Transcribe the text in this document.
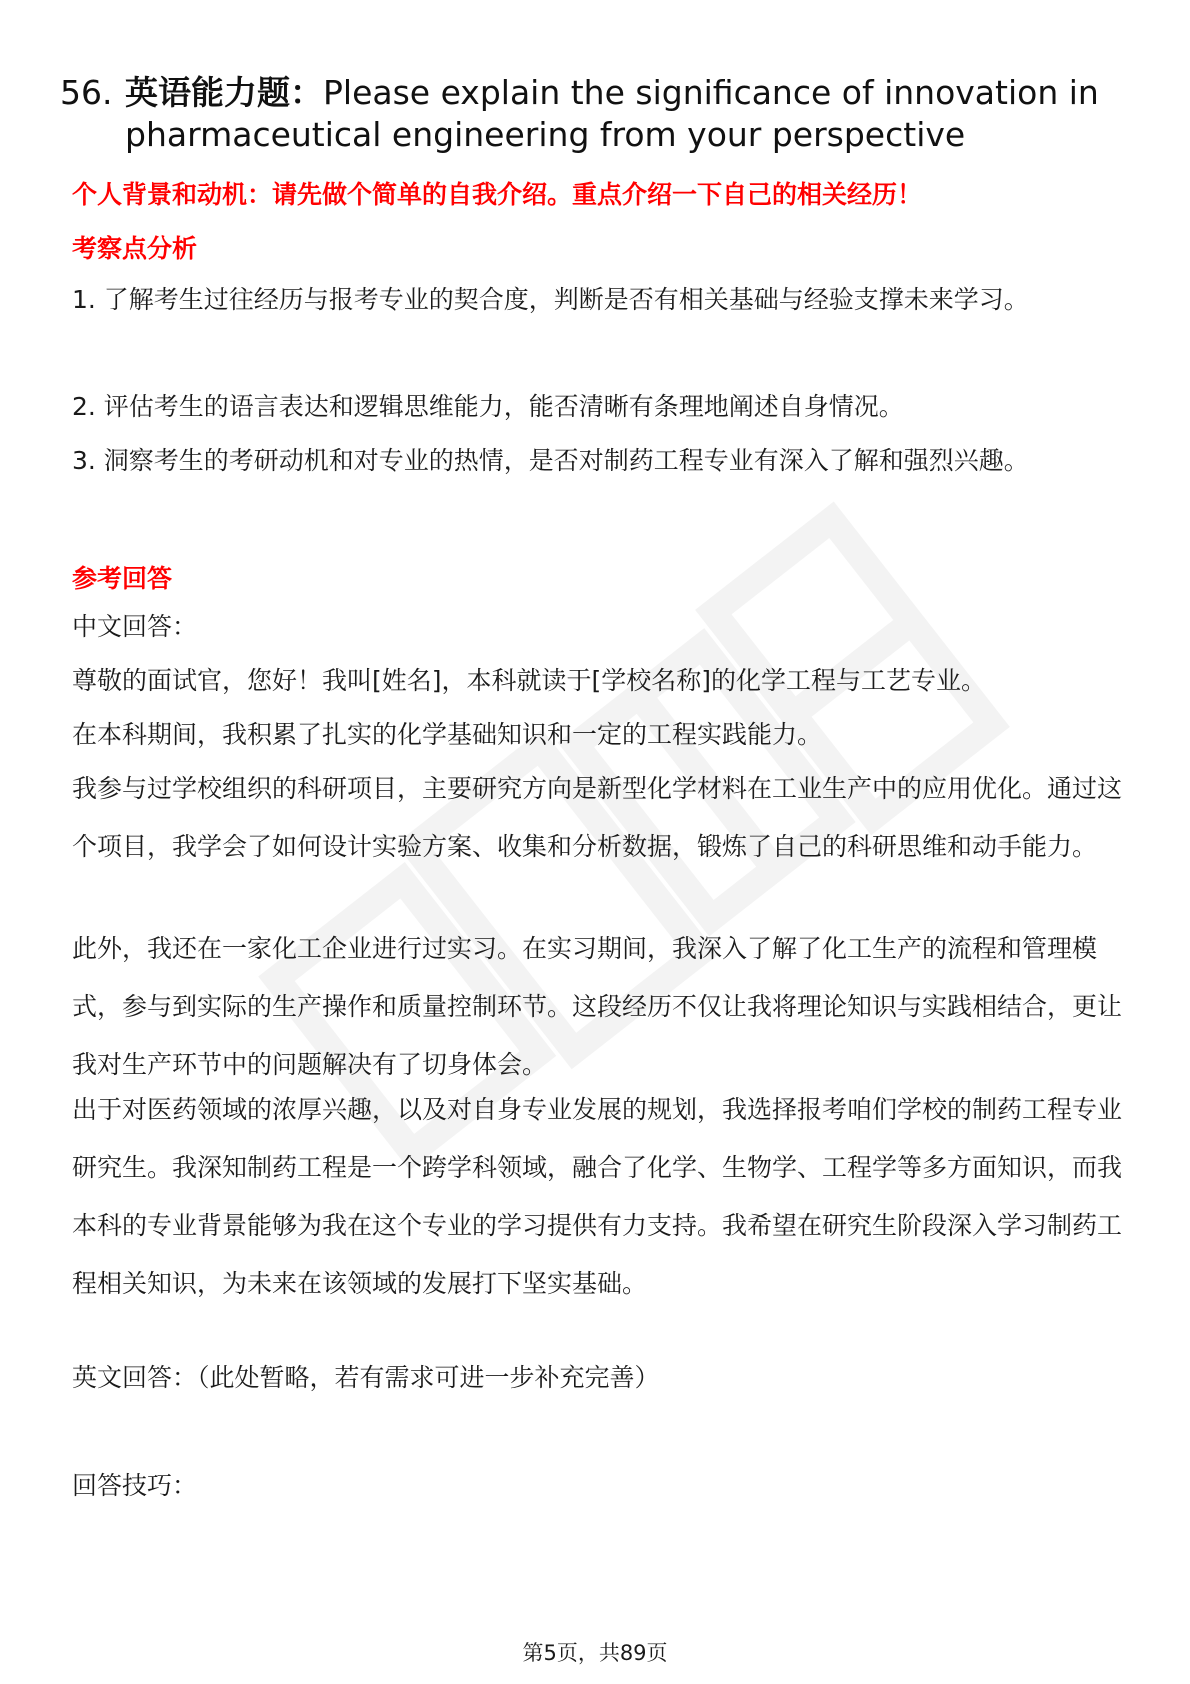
56. 英语能力题：Please explain the significance of innovation in pharmaceutical engineering from your perspective
个人背景和动机：请先做个简单的自我介绍。重点介绍一下自己的相关经历！
考察点分析
1. 了解考生过往经历与报考专业的契合度，判断是否有相关基础与经验支撑未来学习。
2. 评估考生的语言表达和逻辑思维能力，能否清晰有条理地阐述自身情况。
3. 洞察考生的考研动机和对专业的热情，是否对制药工程专业有深入了解和强烈兴趣。
参考回答
中文回答：
尊敬的面试官，您好！我叫[姓名]，本科就读于[学校名称]的化学工程与工艺专业。
在本科期间，我积累了扎实的化学基础知识和一定的工程实践能力。
我参与过学校组织的科研项目，主要研究方向是新型化学材料在工业生产中的应用优化。通过这个项目，我学会了如何设计实验方案、收集和分析数据，锻炼了自己的科研思维和动手能力。
此外，我还在一家化工企业进行过实习。在实习期间，我深入了解了化工生产的流程和管理模式，参与到实际的生产操作和质量控制环节。这段经历不仅让我将理论知识与实践相结合，更让我对生产环节中的问题解决有了切身体会。
出于对医药领域的浓厚兴趣，以及对自身专业发展的规划，我选择报考咱们学校的制药工程专业研究生。我深知制药工程是一个跨学科领域，融合了化学、生物学、工程学等多方面知识，而我本科的专业背景能够为我在这个专业的学习提供有力支持。我希望在研究生阶段深入学习制药工程相关知识，为未来在该领域的发展打下坚实基础。
英文回答：（此处暂略，若有需求可进一步补充完善）
回答技巧：
第5页，共89页
